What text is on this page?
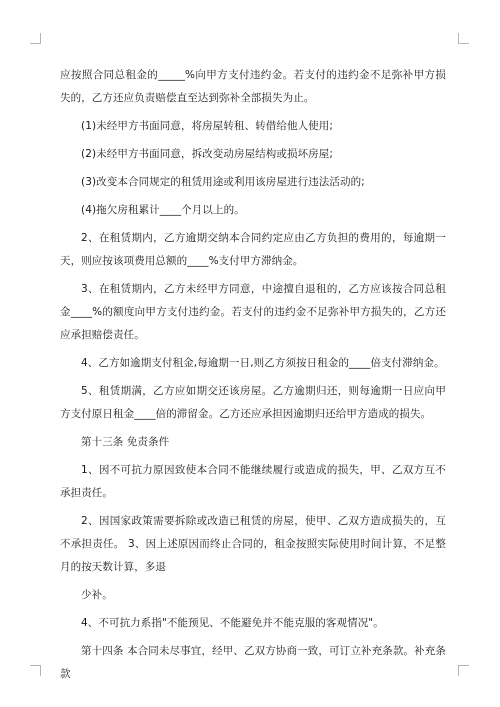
应按照合同总租金的_____%向甲方支付违约金。若支付的违约金不足弥补甲方损失的，乙方还应负责赔偿直至达到弥补全部损失为止。

(1)未经甲方书面同意，将房屋转租、转借给他人使用;

(2)未经甲方书面同意，拆改变动房屋结构或损坏房屋;

(3)改变本合同规定的租赁用途或利用该房屋进行违法活动的;

(4)拖欠房租累计____个月以上的。

2、在租赁期内，乙方逾期交纳本合同约定应由乙方负担的费用的，每逾期一天，则应按该项费用总额的____%支付甲方滞纳金。

3、在租赁期内，乙方未经甲方同意，中途擅自退租的，乙方应该按合同总租金____%的额度向甲方支付违约金。若支付的违约金不足弥补甲方损失的，乙方还应承担赔偿责任。

4、乙方如逾期支付租金,每逾期一日,则乙方须按日租金的____倍支付滞纳金。

5、租赁期满，乙方应如期交还该房屋。乙方逾期归还，则每逾期一日应向甲方支付原日租金____倍的滞留金。乙方还应承担因逾期归还给甲方造成的损失。

第十三条 免责条件

1、因不可抗力原因致使本合同不能继续履行或造成的损失，甲、乙双方互不承担责任。

2、因国家政策需要拆除或改造已租赁的房屋，使甲、乙双方造成损失的，互不承担责任。 3、因上述原因而终止合同的，租金按照实际使用时间计算，不足整月的按天数计算，多退

少补。

4、不可抗力系指"不能预见、不能避免并不能克服的客观情况"。

第十四条 本合同未尽事宜，经甲、乙双方协商一致，可订立补充条款。补充条款
